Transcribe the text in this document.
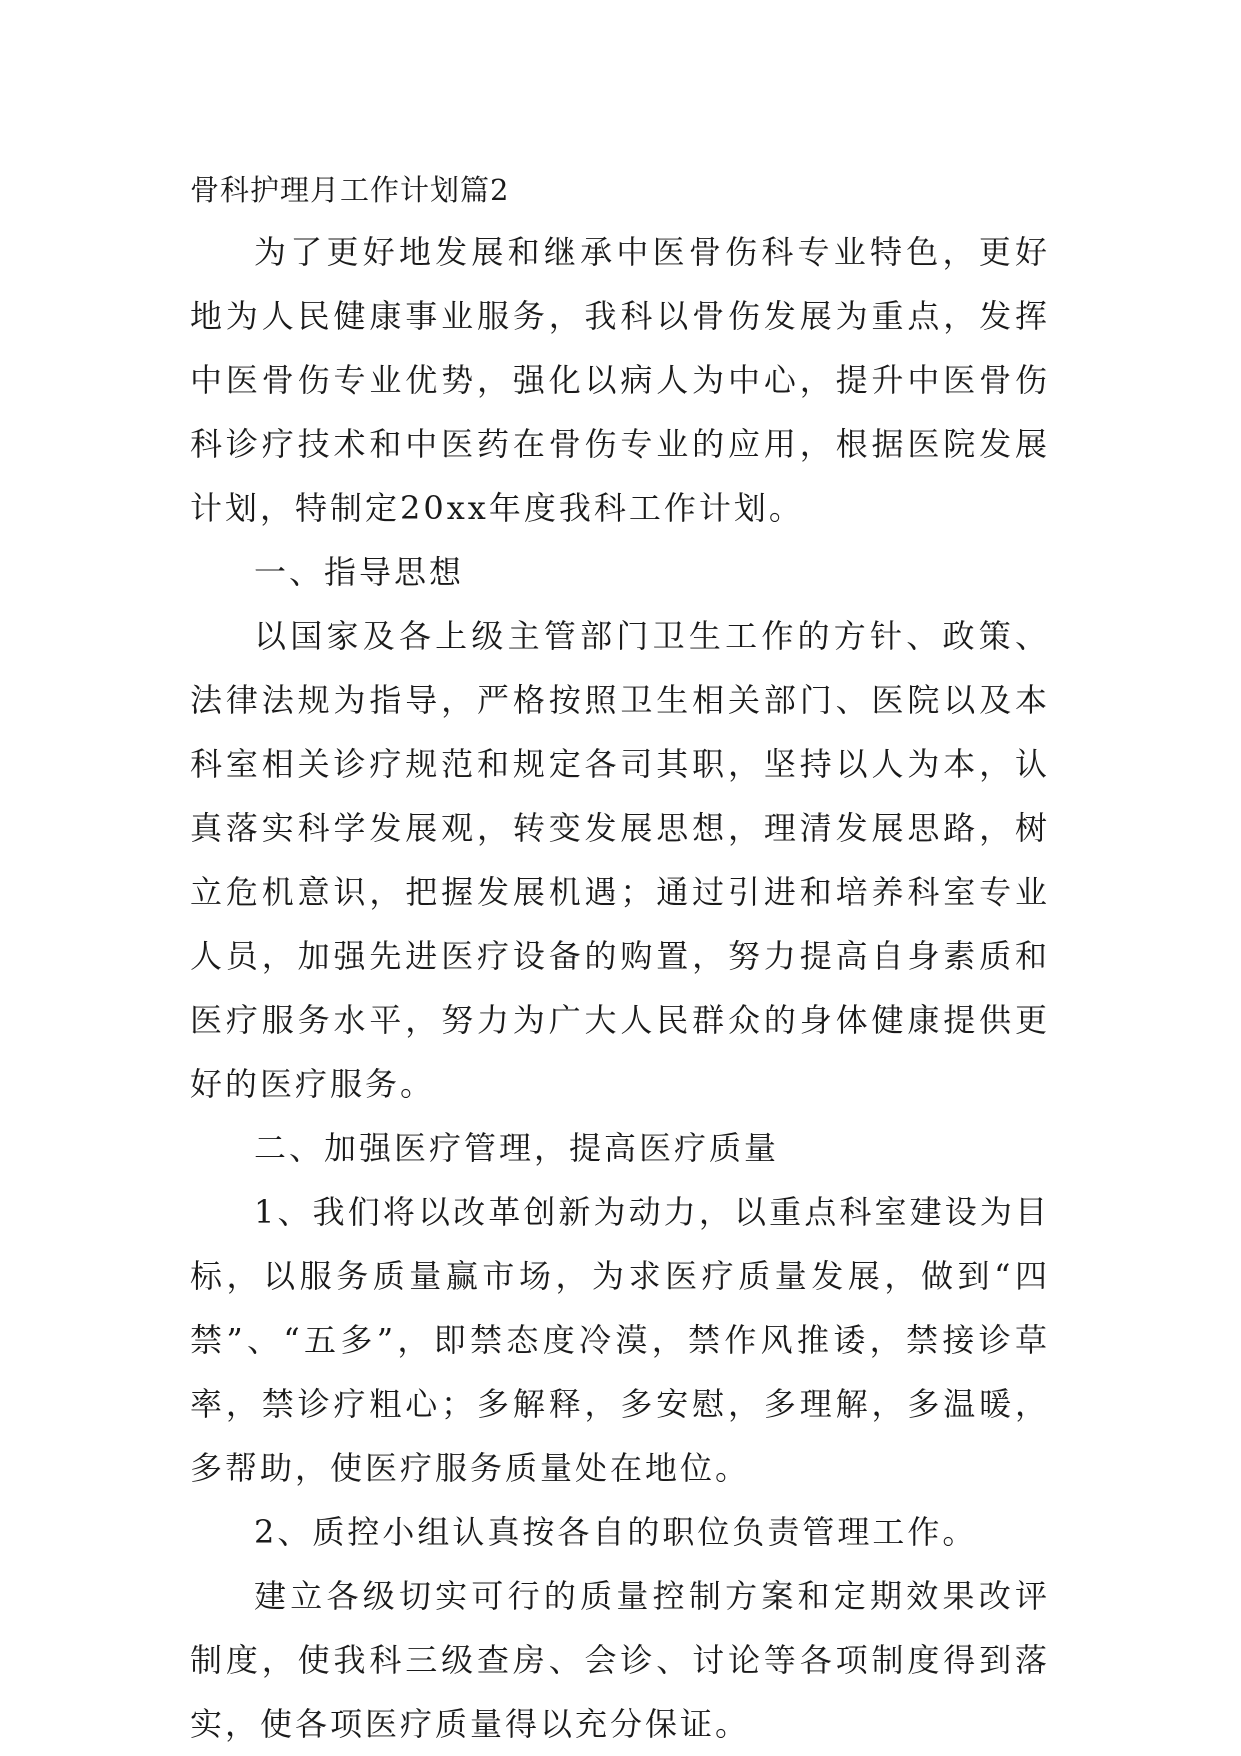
骨科护理月工作计划篇2

为了更好地发展和继承中医骨伤科专业特色，更好地为人民健康事业服务，我科以骨伤发展为重点，发挥中医骨伤专业优势，强化以病人为中心，提升中医骨伤科诊疗技术和中医药在骨伤专业的应用，根据医院发展计划，特制定20xx年度我科工作计划。

一、指导思想

以国家及各上级主管部门卫生工作的方针、政策、法律法规为指导，严格按照卫生相关部门、医院以及本科室相关诊疗规范和规定各司其职，坚持以人为本，认真落实科学发展观，转变发展思想，理清发展思路，树立危机意识，把握发展机遇；通过引进和培养科室专业人员，加强先进医疗设备的购置，努力提高自身素质和医疗服务水平，努力为广大人民群众的身体健康提供更好的医疗服务。

二、加强医疗管理，提高医疗质量

1、我们将以改革创新为动力，以重点科室建设为目标，以服务质量赢市场，为求医疗质量发展，做到“四禁”、“五多”，即禁态度冷漠，禁作风推诿，禁接诊草率，禁诊疗粗心；多解释，多安慰，多理解，多温暖，多帮助，使医疗服务质量处在地位。

2、质控小组认真按各自的职位负责管理工作。

建立各级切实可行的质量控制方案和定期效果改评制度，使我科三级查房、会诊、讨论等各项制度得到落实，使各项医疗质量得以充分保证。
